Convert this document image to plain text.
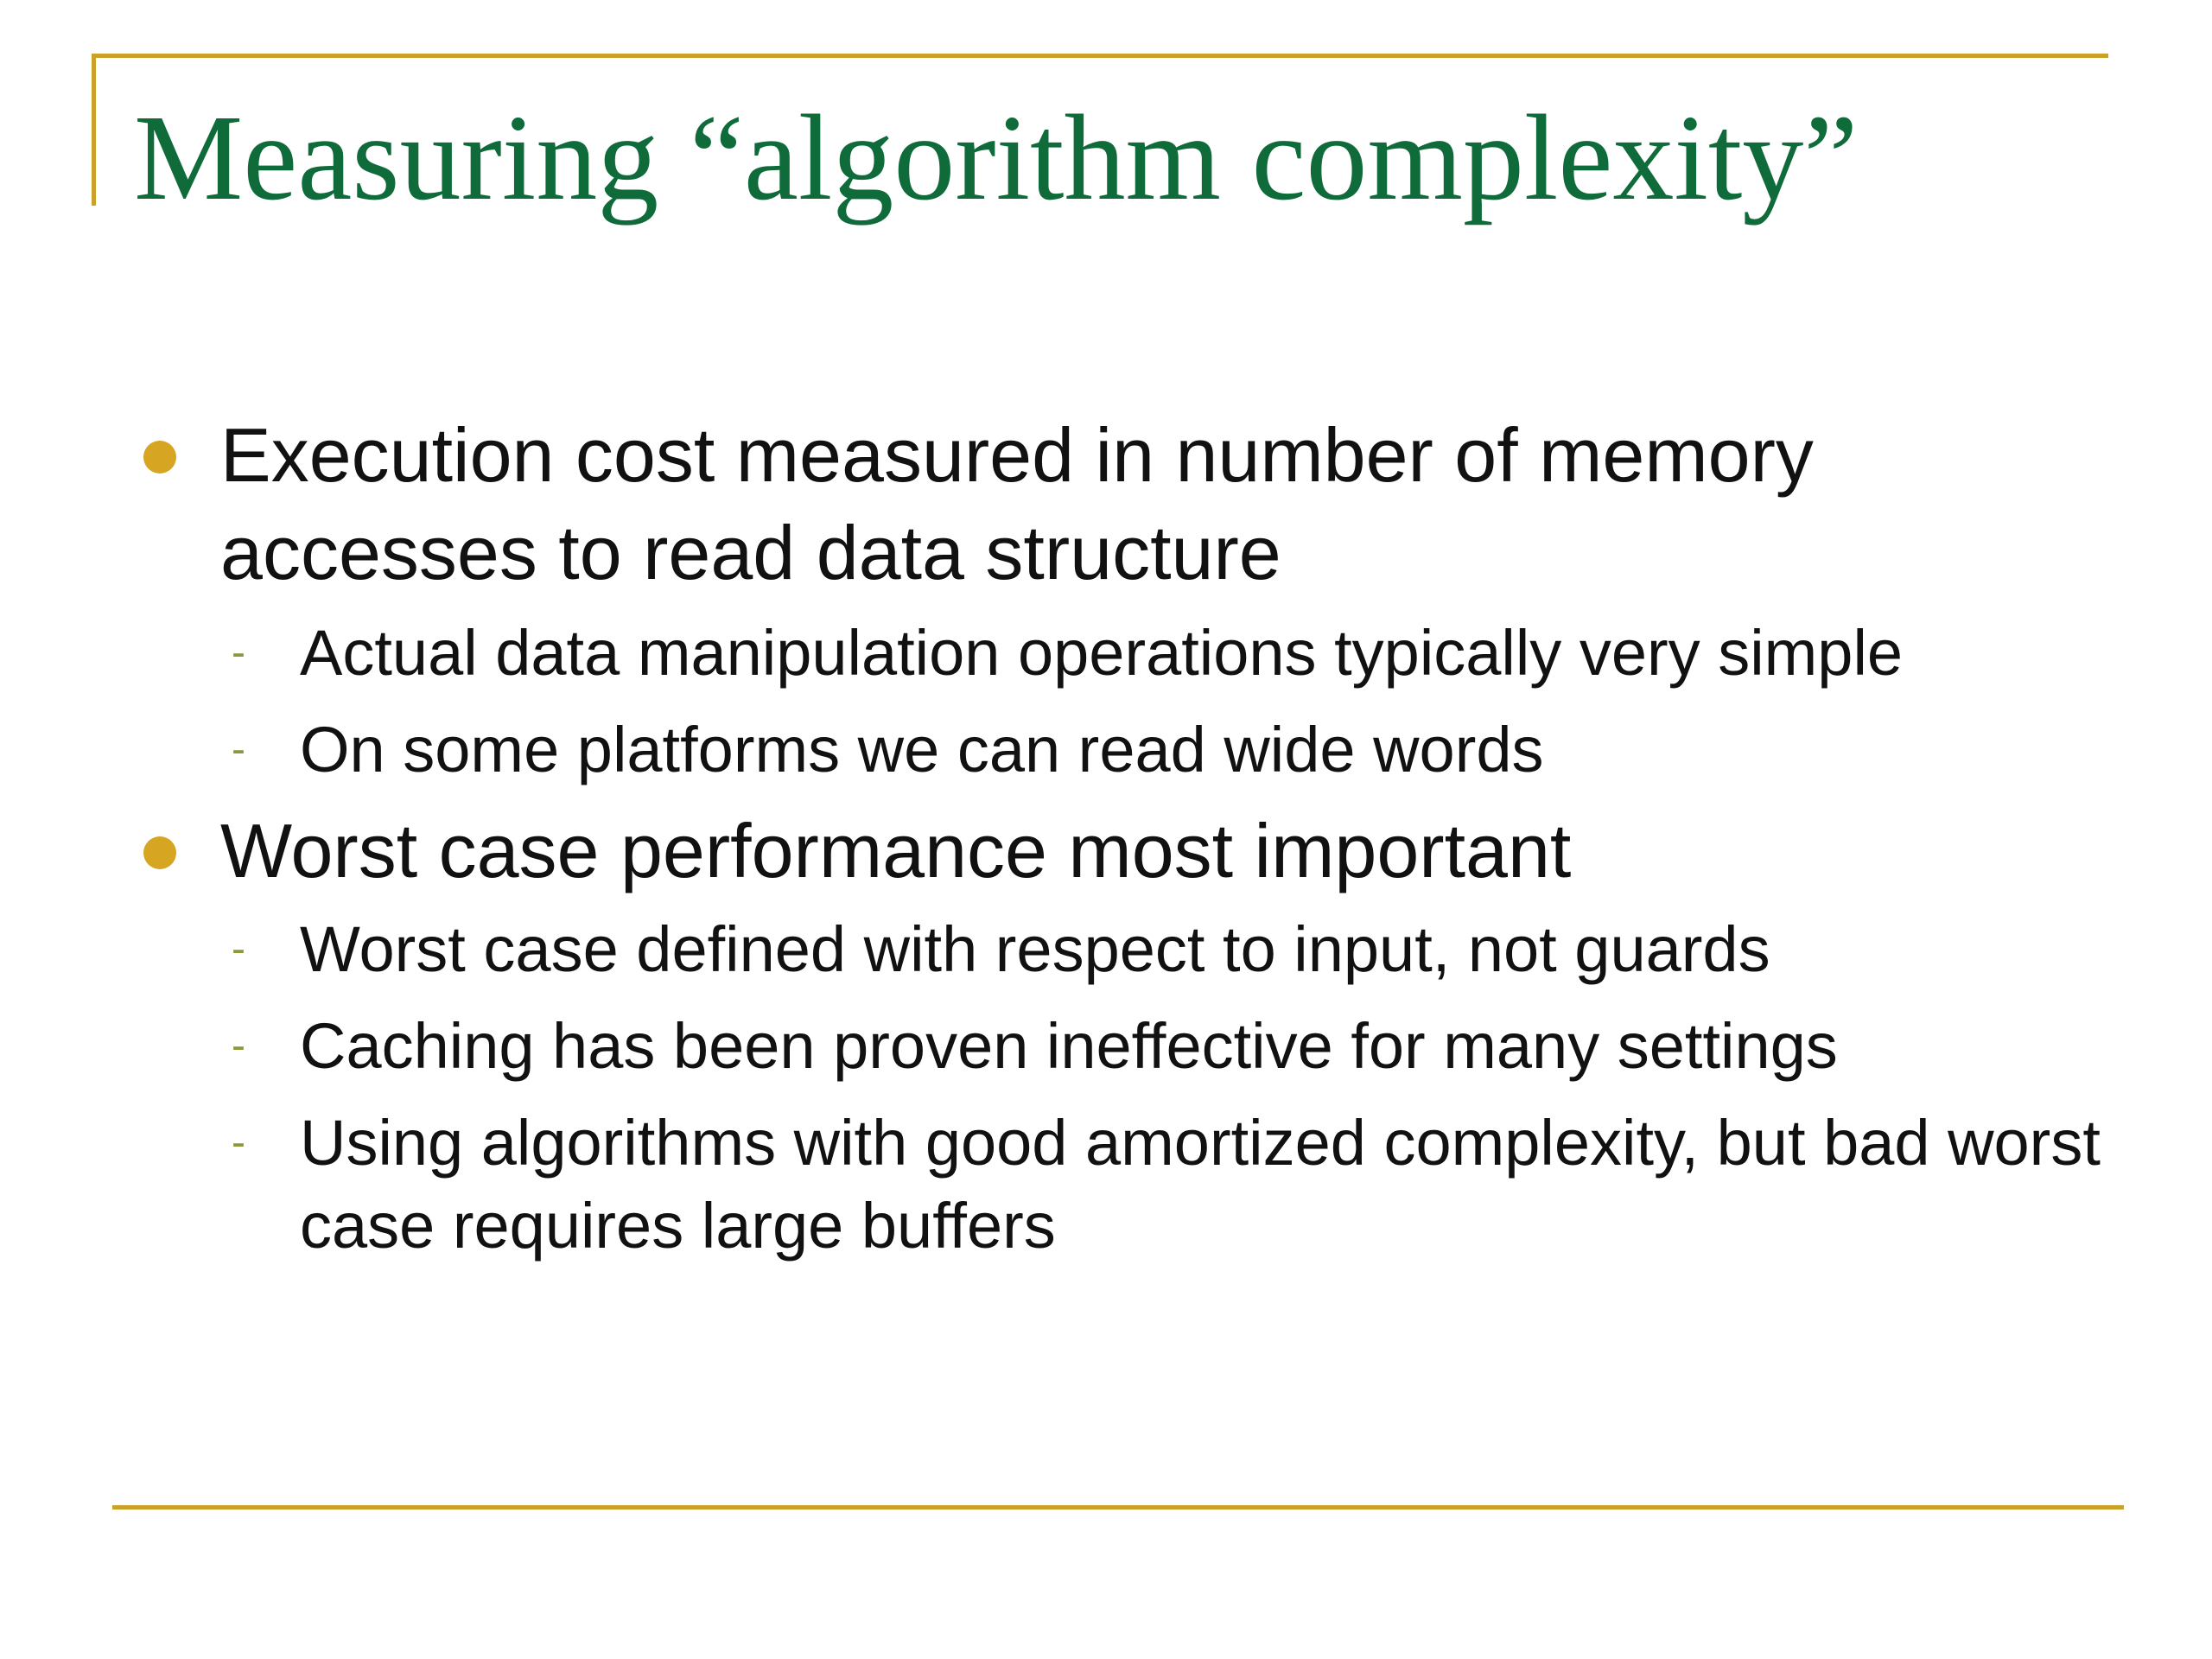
Measuring “algorithm complexity”
Execution cost measured in number of memory accesses to read data structure
- Actual data manipulation operations typically very simple
- On some platforms we can read wide words
Worst case performance most important
- Worst case defined with respect to input, not guards
- Caching has been proven ineffective for many settings
- Using algorithms with good amortized complexity, but bad worst case requires large buffers
